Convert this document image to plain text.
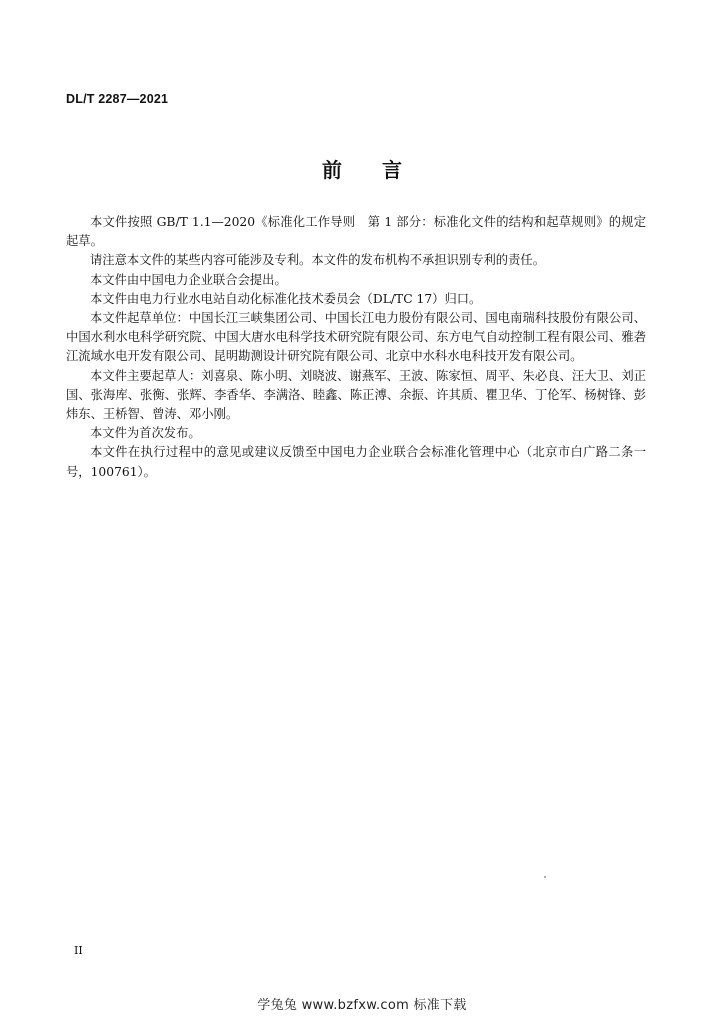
DL/T 2287—2021
前 言

本文件按照 GB/T 1.1—2020《标准化工作导则　第 1 部分：标准化文件的结构和起草规则》的规定起草。

请注意本文件的某些内容可能涉及专利。本文件的发布机构不承担识别专利的责任。

本文件由中国电力企业联合会提出。

本文件由电力行业水电站自动化标准化技术委员会（DL/TC 17）归口。

本文件起草单位：中国长江三峡集团公司、中国长江电力股份有限公司、国电南瑞科技股份有限公司、中国水利水电科学研究院、中国大唐水电科学技术研究院有限公司、东方电气自动控制工程有限公司、雅砻江流域水电开发有限公司、昆明勘测设计研究院有限公司、北京中水科水电科技开发有限公司。

本文件主要起草人：刘喜泉、陈小明、刘晓波、谢燕军、王波、陈家恒、周平、朱必良、汪大卫、刘正国、张海库、张衡、张辉、李香华、李满洛、睦鑫、陈正溥、余振、许其质、瞿卫华、丁伦军、杨树锋、彭炜东、王桥智、曾涛、邓小刚。

本文件为首次发布。

本文件在执行过程中的意见或建议反馈至中国电力企业联合会标准化管理中心（北京市白广路二条一号，100761）。

II
学兔兔 www.bzfxw.com 标准下载
